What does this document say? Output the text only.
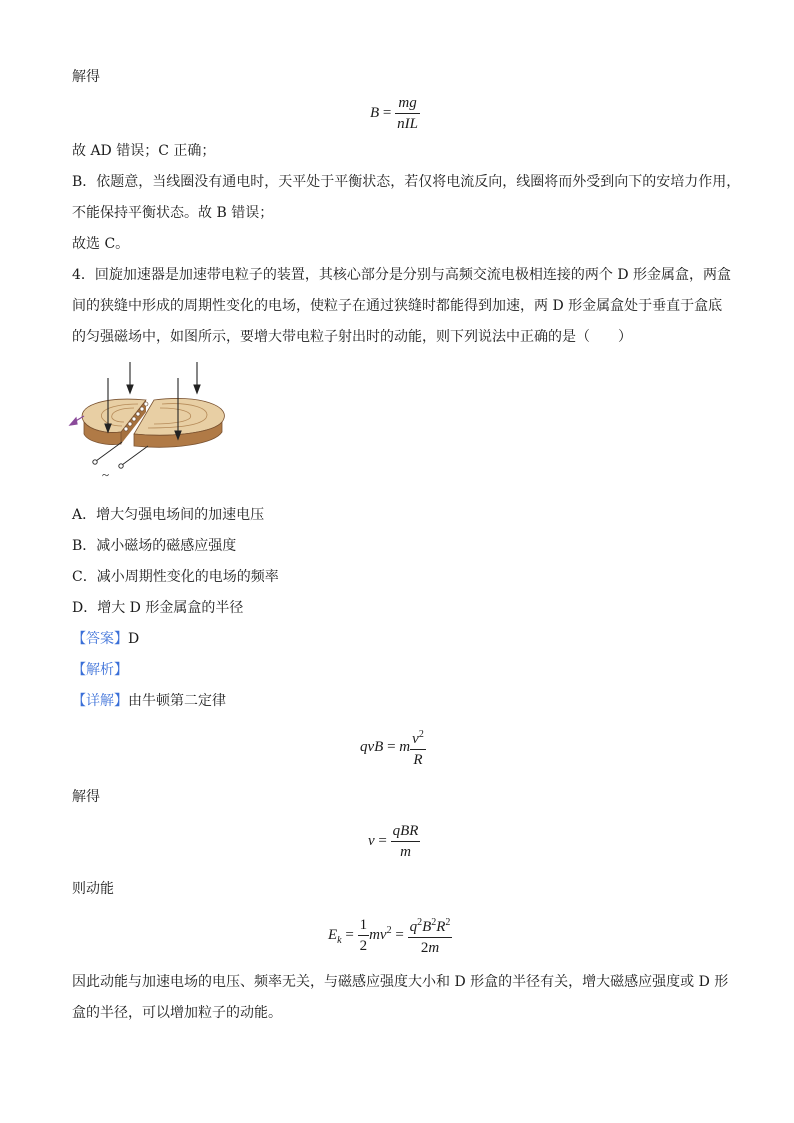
解得
$B = \frac{mg}{\text{nIL}}$
故 AD 错误；C 正确；
B．依题意，当线圈没有通电时，天平处于平衡状态，若仅将电流反向，线圈将而外受到向下的安培力作用，
不能保持平衡状态。故 B 错误；
故选 C。
4．回旋加速器是加速带电粒子的装置，其核心部分是分别与高频交流电极相连接的两个 D 形金属盒，两盒
间的狭缝中形成的周期性变化的电场，使粒子在通过狭缝时都能得到加速，两 D 形金属盒处于垂直于盒底
的匀强磁场中，如图所示，要增大带电粒子射出时的动能，则下列说法中正确的是（　　）
~
A．增大匀强电场间的加速电压
B．减小磁场的磁感应强度
C．减小周期性变化的电场的频率
D．增大 D 形金属盒的半径
【答案】D
【解析】
【详解】由牛顿第二定律
qvB = m $\frac{v^2}{R}$
解得
$v = \frac{\text{qBR}}{m}$
则动能
$E_k = \frac{1}{2} mv^2 = \frac{q^2B^2R^2}{2m}$
因此动能与加速电场的电压、频率无关，与磁感应强度大小和 D 形盒的半径有关，增大磁感应强度或 D 形
盒的半径，可以增加粒子的动能。
